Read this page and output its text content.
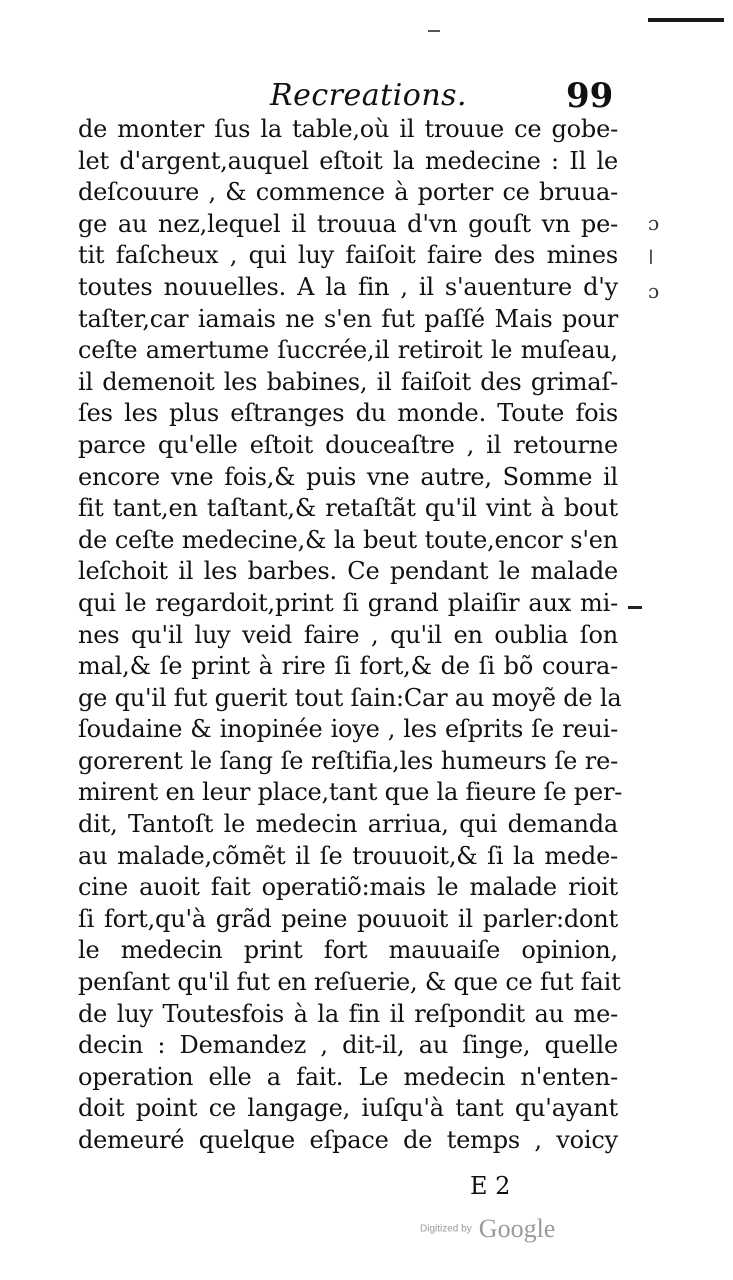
Recreations.	99
de monter ſus la table,où il trouue ce gobe-
let d'argent,auquel eſtoit la medecine : Il le
deſcouure , & commence à porter ce bruua-
ge au nez,lequel il trouua d'vn gouſt vn pe-
tit faſcheux , qui luy faiſoit faire des mines
toutes nouuelles. A la fin , il s'auenture d'y
taſter,car iamais ne s'en fut paſſé Mais pour
ceſte amertume ſuccrée,il retiroit le muſeau,
il demenoit les babines, il faiſoit des grimaſ-
ſes les plus eſtranges du monde. Toute fois
parce qu'elle eſtoit douceaſtre , il retourne
encore vne fois,& puis vne autre, Somme il
fit tant,en taſtant,& retaſtãt qu'il vint à bout
de ceſte medecine,& la beut toute,encor s'en
leſchoit il les barbes. Ce pendant le malade
qui le regardoit,print ſi grand plaiſir aux mi-
nes qu'il luy veid faire , qu'il en oublia ſon
mal,& ſe print à rire ſi fort,& de ſi bõ coura-
ge qu'il fut guerit tout ſain:Car au moyẽ de la
ſoudaine & inopinée ioye , les eſprits ſe reui-
gorerent le ſang ſe reſtifia,les humeurs ſe re-
mirent en leur place,tant que la fieure ſe per-
dit, Tantoſt le medecin arriua, qui demanda
au malade,cõmẽt il ſe trouuoit,& ſi la mede-
cine auoit fait operatiõ:mais le malade rioit
ſi fort,qu'à grãd peine pouuoit il parler:dont
le medecin print fort mauuaiſe opinion,
penſant qu'il fut en reſuerie, & que ce fut fait
de luy Toutesfois à la fin il reſpondit au me-
decin : Demandez , dit-il, au ſinge, quelle
operation elle a fait. Le medecin n'enten-
doit point ce langage, iuſqu'à tant qu'ayant
demeuré quelque eſpace de temps , voicy
ɔ
ǀ
ɔ
E 2
Digitized by Google
